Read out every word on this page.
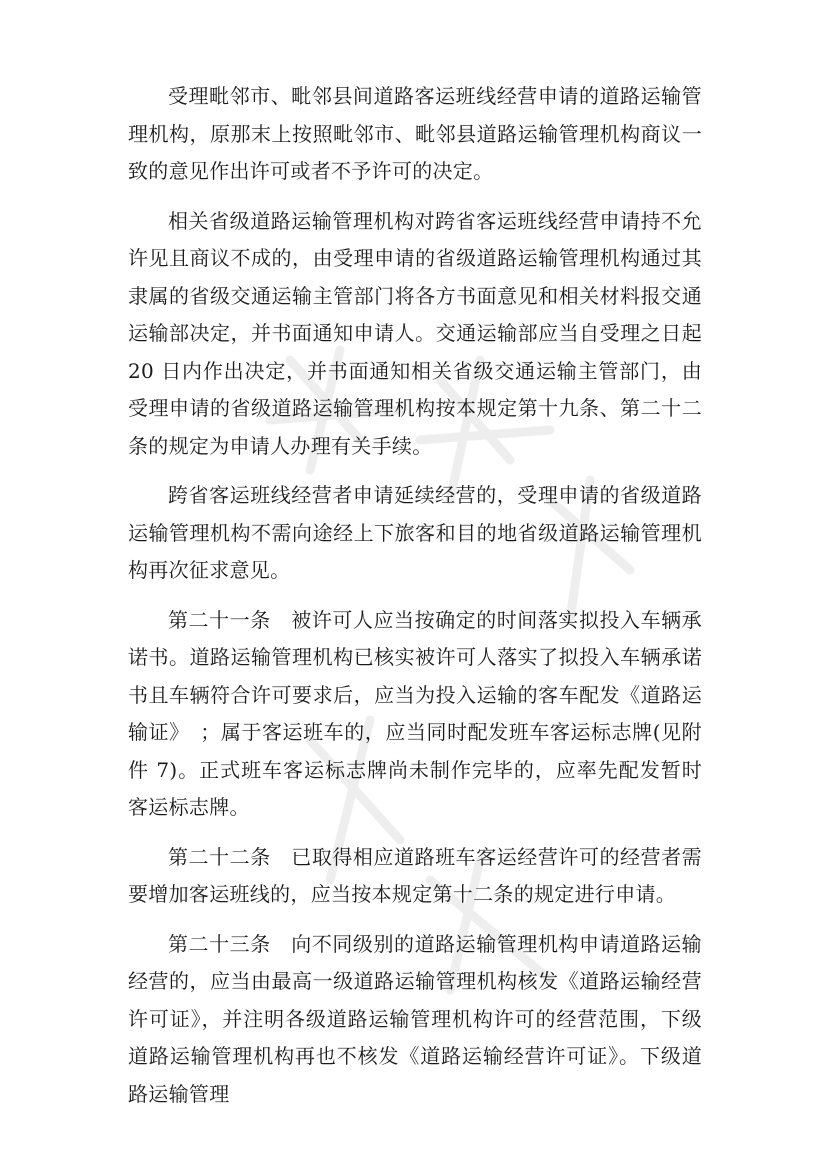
受理毗邻市、毗邻县间道路客运班线经营申请的道路运输管理机构，原那末上按照毗邻市、毗邻县道路运输管理机构商议一致的意见作出许可或者不予许可的决定。

相关省级道路运输管理机构对跨省客运班线经营申请持不允许见且商议不成的，由受理申请的省级道路运输管理机构通过其隶属的省级交通运输主管部门将各方书面意见和相关材料报交通运输部决定，并书面通知申请人。交通运输部应当自受理之日起 20 日内作出决定，并书面通知相关省级交通运输主管部门，由受理申请的省级道路运输管理机构按本规定第十九条、第二十二条的规定为申请人办理有关手续。

跨省客运班线经营者申请延续经营的，受理申请的省级道路运输管理机构不需向途经上下旅客和目的地省级道路运输管理机构再次征求意见。

第二十一条　被许可人应当按确定的时间落实拟投入车辆承诺书。道路运输管理机构已核实被许可人落实了拟投入车辆承诺书且车辆符合许可要求后，应当为投入运输的客车配发《道路运输证》　；属于客运班车的，应当同时配发班车客运标志牌(见附件 7)。正式班车客运标志牌尚未制作完毕的，应率先配发暂时客运标志牌。

第二十二条　已取得相应道路班车客运经营许可的经营者需要增加客运班线的，应当按本规定第十二条的规定进行申请。

第二十三条　向不同级别的道路运输管理机构申请道路运输经营的，应当由最高一级道路运输管理机构核发《道路运输经营许可证》，并注明各级道路运输管理机构许可的经营范围，下级道路运输管理机构再也不核发《道路运输经营许可证》。下级道路运输管理
